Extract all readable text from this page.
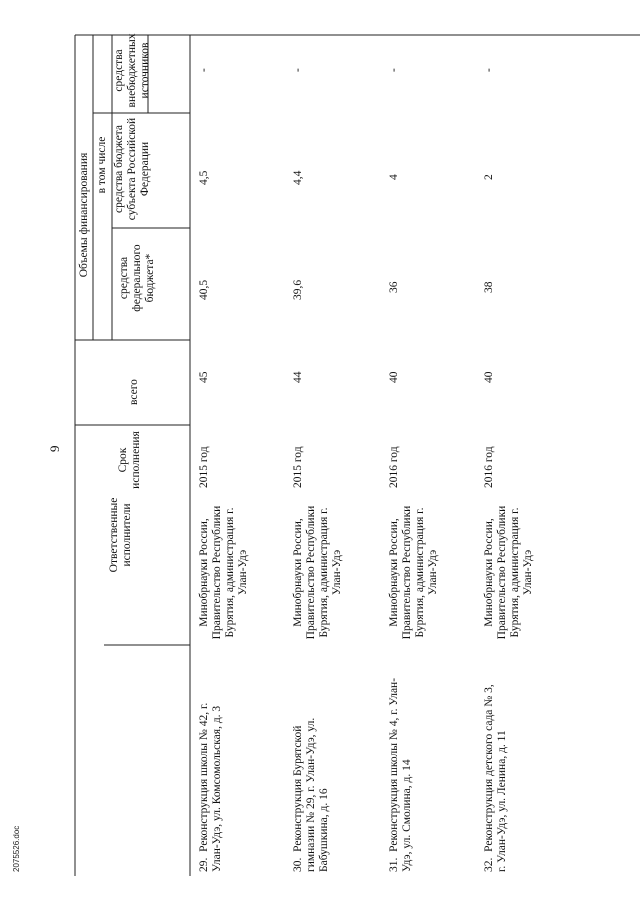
9
2075526.doc
Ответственные исполнители
Срок исполнения
Объемы финансирования
всего
в том числе
средства федерального бюджета*
средства бюджета субъекта Российской Федерации
средства внебюджетных источников
29.  Реконструкция школы № 42, г. Улан-Удэ, ул. Комсомольская, д. 3
Минобрнауки России, Правительство Республики Бурятия, администрация г. Улан-Удэ
2015 год
45
40,5
4,5
-
30.  Реконструкция Бурятской гимназии № 29, г. Улан-Удэ, ул. Бабушкина, д. 16
Минобрнауки России, Правительство Республики Бурятия, администрация г. Улан-Удэ
2015 год
44
39,6
4,4
-
31.  Реконструкция школы № 4, г. Улан-Удэ, ул. Смолина, д. 14
Минобрнауки России, Правительство Республики Бурятия, администрация г. Улан-Удэ
2016 год
40
36
4
-
32.  Реконструкция детского сада № 3, г. Улан-Удэ, ул. Ленина, д. 11
Минобрнауки России, Правительство Республики Бурятия, администрация г. Улан-Удэ
2016 год
40
38
2
-
